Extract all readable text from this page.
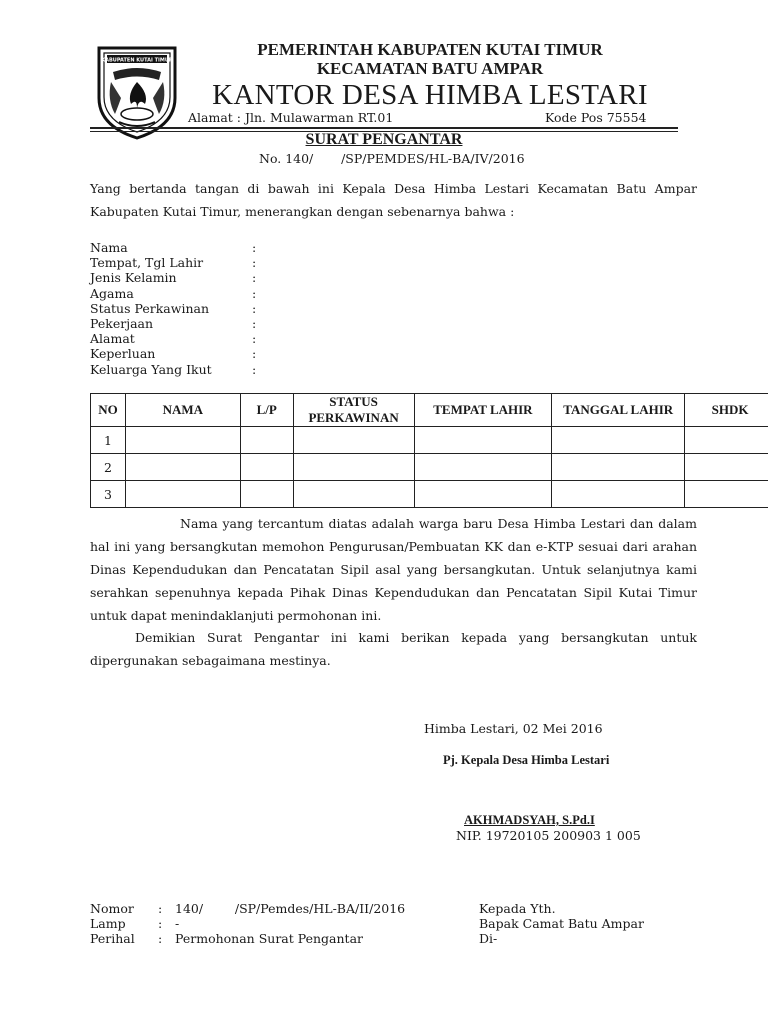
KABUPATEN KUTAI TIMUR
PEMERINTAH KABUPATEN KUTAI TIMUR
KECAMATAN BATU AMPAR
KANTOR DESA HIMBA LESTARI
Alamat : Jln. Mulawarman RT.01	Kode Pos 75554
SURAT PENGANTAR
No. 140/       /SP/PEMDES/HL-BA/IV/2016
Yang bertanda tangan di bawah ini Kepala Desa Himba Lestari Kecamatan Batu Ampar Kabupaten Kutai Timur, menerangkan dengan sebenarnya bahwa :
Nama	:
Tempat, Tgl Lahir	:
Jenis Kelamin	:
Agama	:
Status Perkawinan	:
Pekerjaan	:
Alamat	:
Keperluan	:
Keluarga Yang Ikut	:
NO	NAMA	L/P	STATUS PERKAWINAN	TEMPAT LAHIR	TANGGAL LAHIR	SHDK
1						
2						
3						
Nama yang tercantum diatas adalah warga baru Desa Himba Lestari dan dalam hal ini yang bersangkutan memohon Pengurusan/Pembuatan KK dan e-KTP sesuai dari arahan Dinas Kependudukan dan Pencatatan Sipil asal yang bersangkutan. Untuk selanjutnya kami serahkan sepenuhnya kepada Pihak Dinas Kependudukan dan Pencatatan Sipil Kutai Timur untuk dapat menindaklanjuti permohonan ini.
Demikian Surat Pengantar ini kami berikan kepada yang bersangkutan untuk dipergunakan sebagaimana mestinya.
Himba Lestari, 02 Mei 2016
Pj. Kepala Desa Himba Lestari
AKHMADSYAH, S.Pd.I
NIP. 19720105 200903 1 005
Nomor : 140/        /SP/Pemdes/HL-BA/II/2016	Kepada Yth.
Lamp	: -	Bapak Camat Batu Ampar
Perihal : Permohonan Surat Pengantar	Di-
